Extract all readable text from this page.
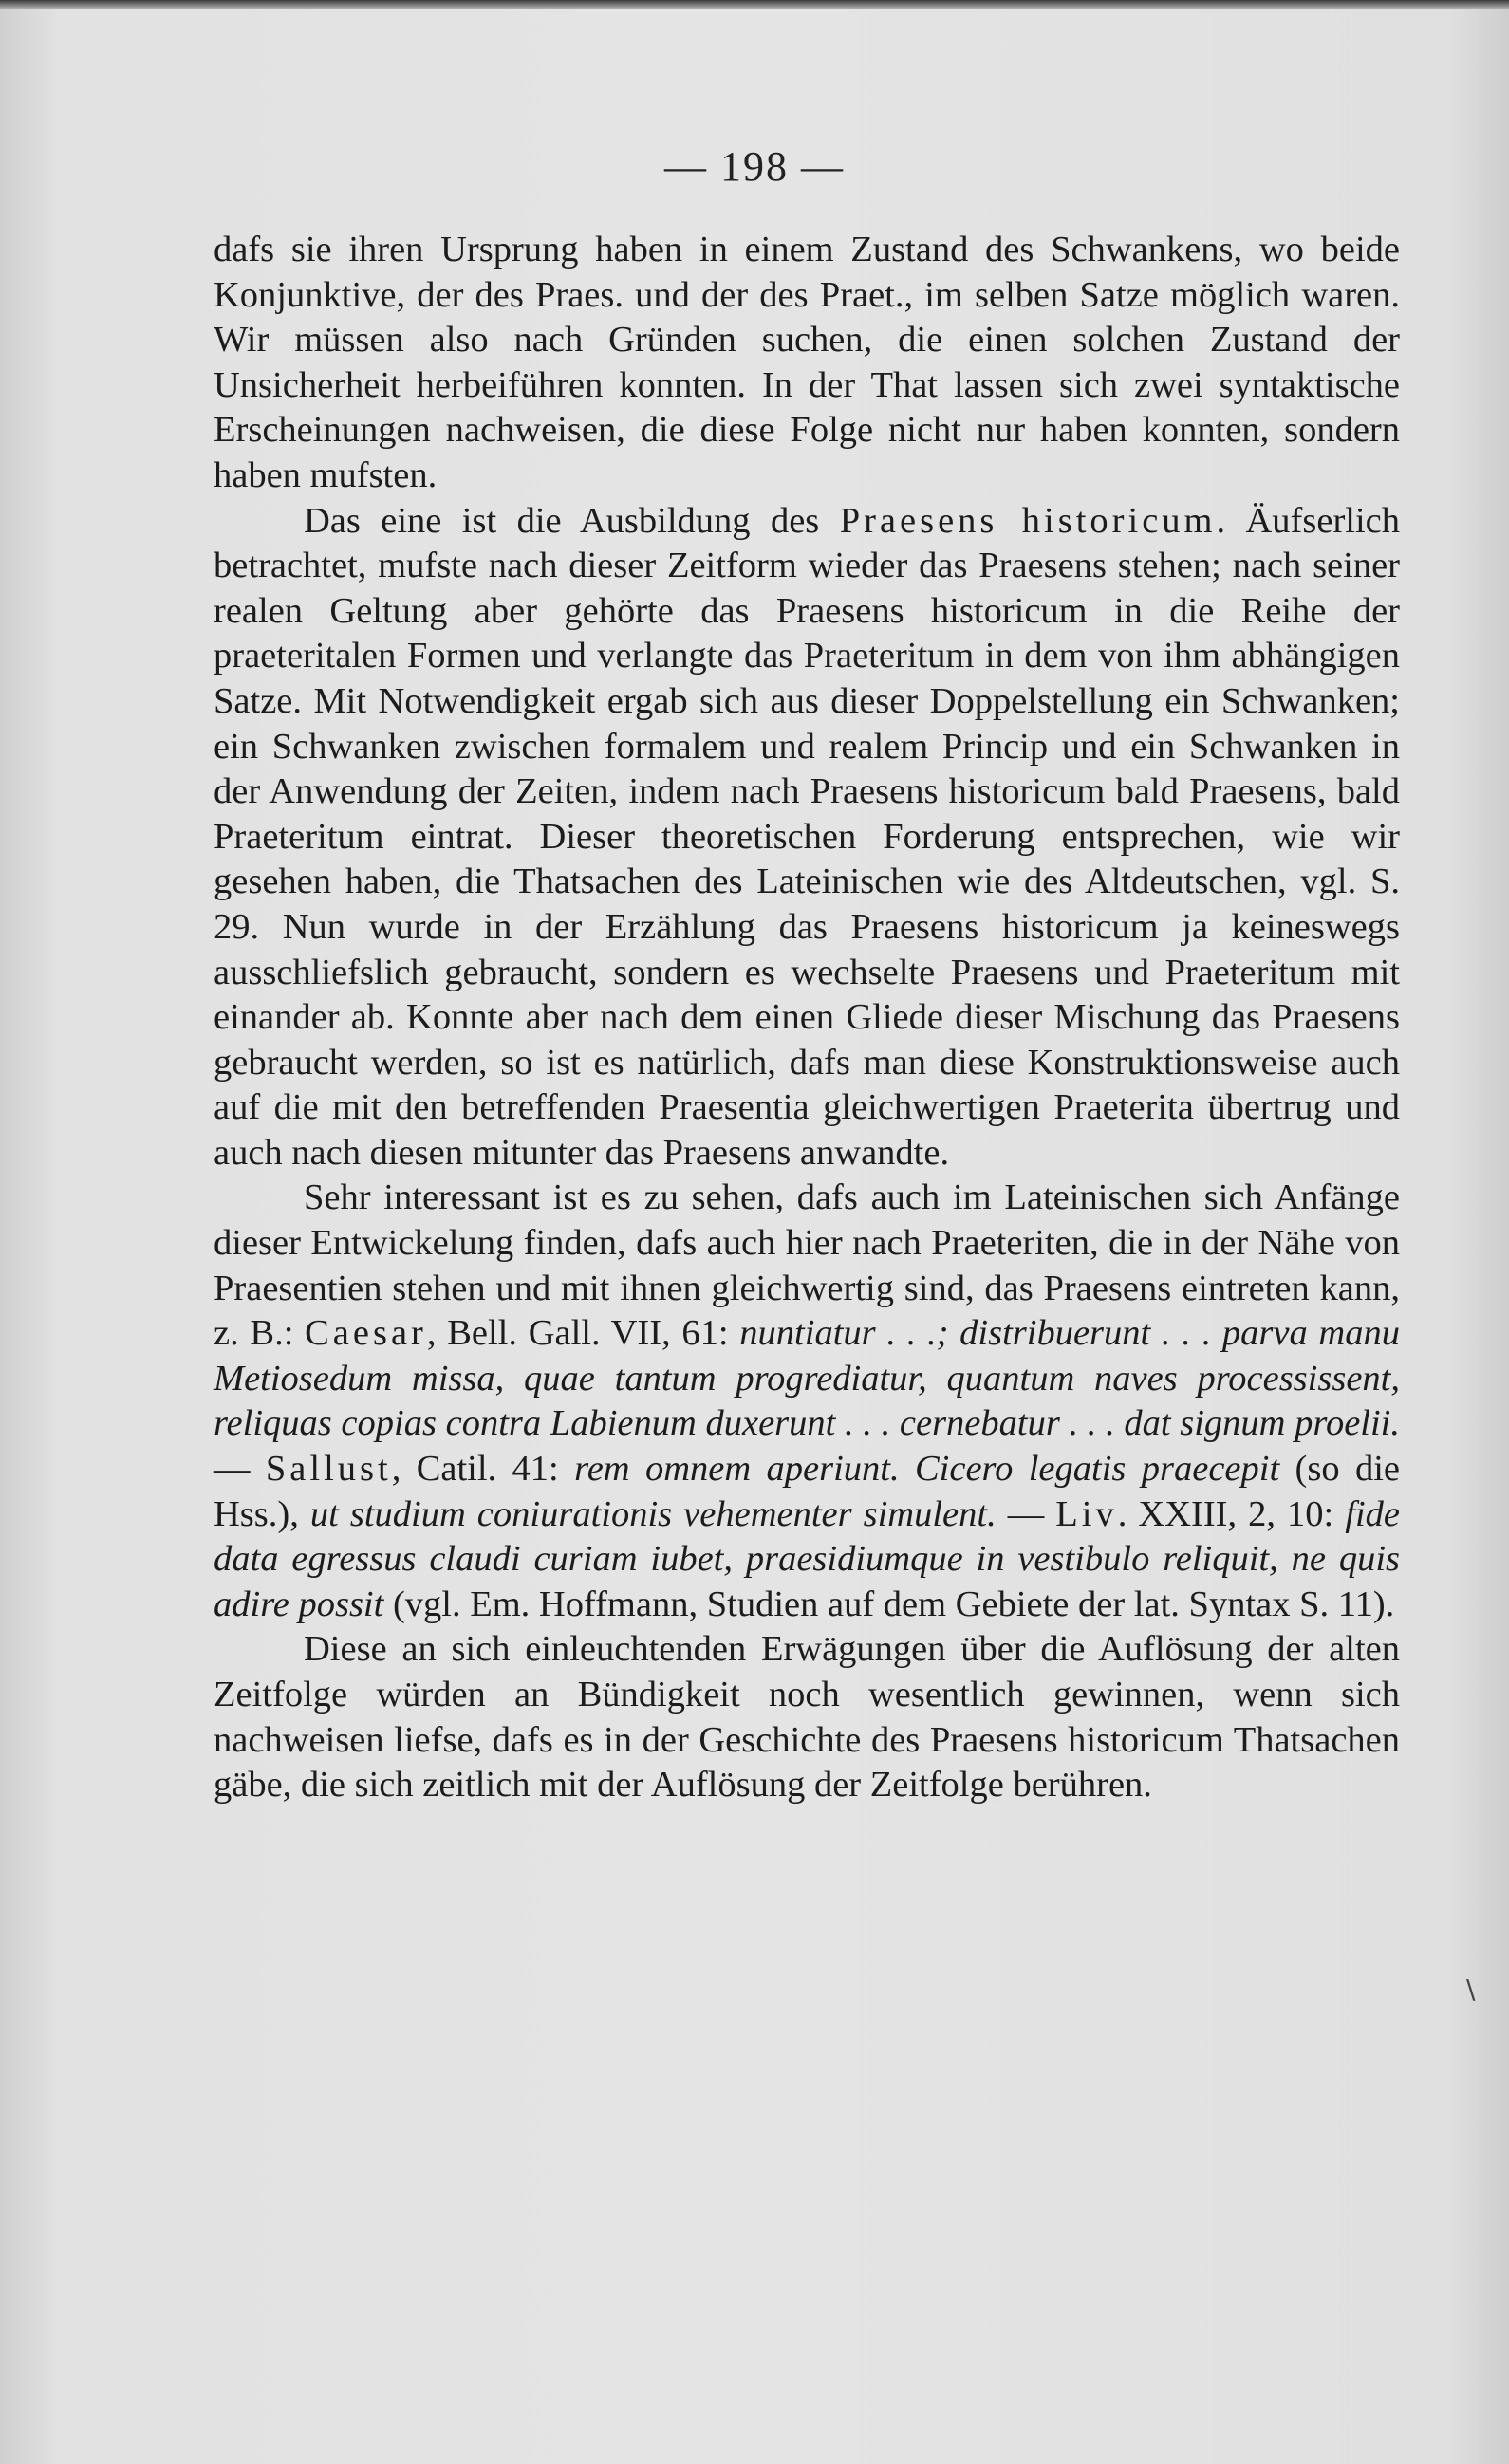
— 198 —

dafs sie ihren Ursprung haben in einem Zustand des Schwankens, wo beide Konjunktive, der des Praes. und der des Praet., im selben Satze möglich waren. Wir müssen also nach Gründen suchen, die einen solchen Zustand der Unsicherheit herbeiführen konnten. In der That lassen sich zwei syntaktische Erscheinungen nachweisen, die diese Folge nicht nur haben konnten, sondern haben mufsten.

Das eine ist die Ausbildung des Praesens historicum. Äufserlich betrachtet, mufste nach dieser Zeitform wieder das Praesens stehen; nach seiner realen Geltung aber gehörte das Praesens historicum in die Reihe der praeteritalen Formen und verlangte das Praeteritum in dem von ihm abhängigen Satze. Mit Notwendigkeit ergab sich aus dieser Doppelstellung ein Schwanken; ein Schwanken zwischen formalem und realem Princip und ein Schwanken in der Anwendung der Zeiten, indem nach Praesens historicum bald Praesens, bald Praeteritum eintrat. Dieser theoretischen Forderung entsprechen, wie wir gesehen haben, die Thatsachen des Lateinischen wie des Altdeutschen, vgl. S. 29. Nun wurde in der Erzählung das Praesens historicum ja keineswegs ausschliefslich gebraucht, sondern es wechselte Praesens und Praeteritum mit einander ab. Konnte aber nach dem einen Gliede dieser Mischung das Praesens gebraucht werden, so ist es natürlich, dafs man diese Konstruktionsweise auch auf die mit den betreffenden Praesentia gleichwertigen Praeterita übertrug und auch nach diesen mitunter das Praesens anwandte.

Sehr interessant ist es zu sehen, dafs auch im Lateinischen sich Anfänge dieser Entwickelung finden, dafs auch hier nach Praeteriten, die in der Nähe von Praesentien stehen und mit ihnen gleichwertig sind, das Praesens eintreten kann, z. B.: Caesar, Bell. Gall. VII, 61: nuntiatur . . .; distribuerunt . . . parva manu Metiosedum missa, quae tantum progrediatur, quantum naves processissent, reliquas copias contra Labienum duxerunt . . . cernebatur . . . dat signum proelii. — Sallust, Catil. 41: rem omnem aperiunt. Cicero legatis praecepit (so die Hss.), ut studium coniurationis vehementer simulent. — Liv. XXIII, 2, 10: fide data egressus claudi curiam iubet, praesidiumque in vestibulo reliquit, ne quis adire possit (vgl. Em. Hoffmann, Studien auf dem Gebiete der lat. Syntax S. 11).

Diese an sich einleuchtenden Erwägungen über die Auflösung der alten Zeitfolge würden an Bündigkeit noch wesentlich gewinnen, wenn sich nachweisen liefse, dafs es in der Geschichte des Praesens historicum Thatsachen gäbe, die sich zeitlich mit der Auflösung der Zeitfolge berühren.

\
